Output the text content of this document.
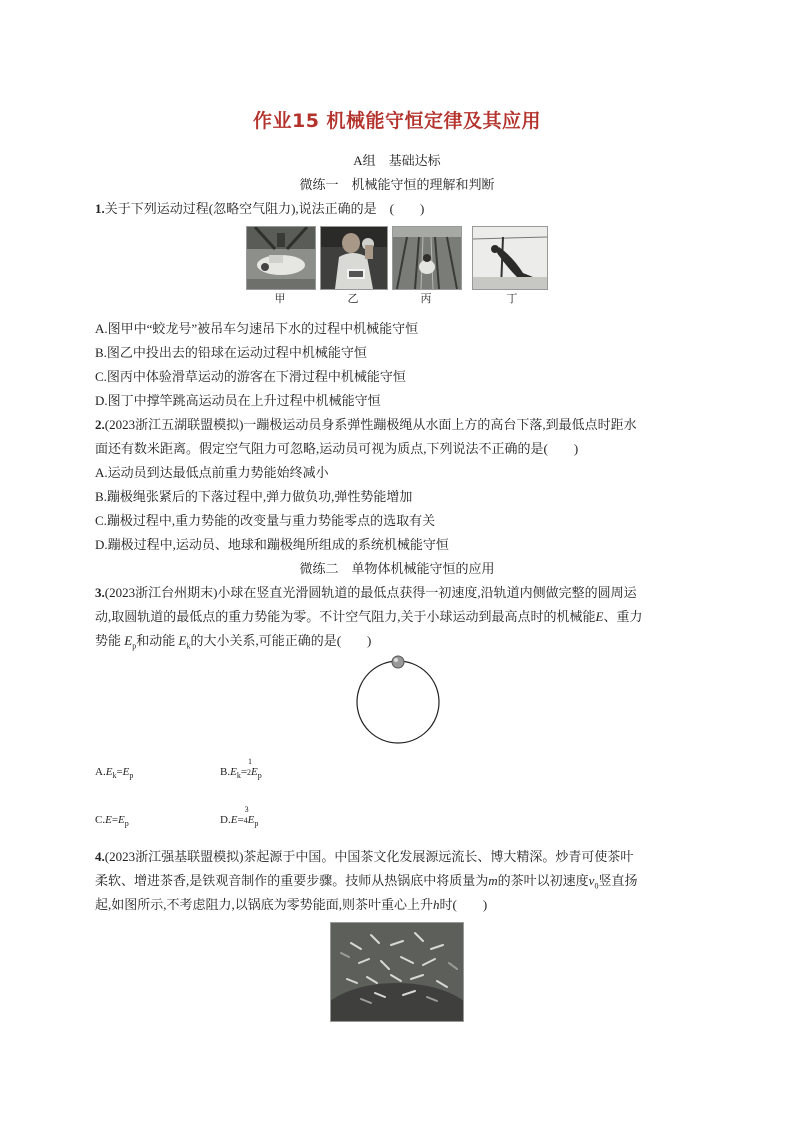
作业15 机械能守恒定律及其应用
A组　基础达标
微练一　机械能守恒的理解和判断
1.关于下列运动过程(忽略空气阻力),说法正确的是　(　　)
甲	乙	丙	丁
A.图甲中“蛟龙号”被吊车匀速吊下水的过程中机械能守恒
B.图乙中投出去的铅球在运动过程中机械能守恒
C.图丙中体验滑草运动的游客在下滑过程中机械能守恒
D.图丁中撑竿跳高运动员在上升过程中机械能守恒
2.(2023浙江五湖联盟模拟)一蹦极运动员身系弹性蹦极绳从水面上方的高台下落,到最低点时距水
面还有数米距离。假定空气阻力可忽略,运动员可视为质点,下列说法不正确的是(　　)
A.运动员到达最低点前重力势能始终减小
B.蹦极绳张紧后的下落过程中,弹力做负功,弹性势能增加
C.蹦极过程中,重力势能的改变量与重力势能零点的选取有关
D.蹦极过程中,运动员、地球和蹦极绳所组成的系统机械能守恒
微练二　单物体机械能守恒的应用
3.(2023浙江台州期末)小球在竖直光滑圆轨道的最低点获得一初速度,沿轨道内侧做完整的圆周运
动,取圆轨道的最低点的重力势能为零。不计空气阻力,关于小球运动到最高点时的机械能E、重力
势能 $E_p$和动能 $E_k$的大小关系,可能正确的是(　　)
$A.E_k=E_p$	$B.E_k=$
1
$2E_p$
$C.E=E_p$	D.E=
3
$4E_p$
4.(2023浙江强基联盟模拟)茶起源于中国。中国茶文化发展源远流长、博大精深。炒青可使茶叶
柔软、增进茶香,是铁观音制作的重要步骤。技师从热锅底中将质量为m的茶叶以初速度$v_0$竖直扬
起,如图所示,不考虑阻力,以锅底为零势能面,则茶叶重心上升h时(　　)
